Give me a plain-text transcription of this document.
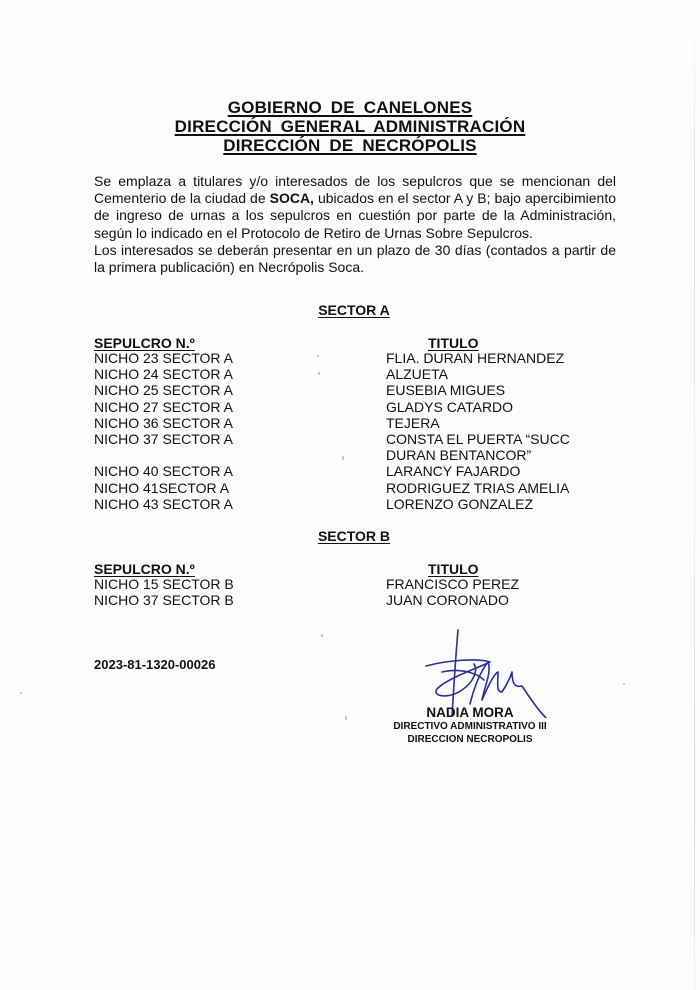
GOBIERNO DE CANELONES
DIRECCIÓN GENERAL ADMINISTRACIÓN
DIRECCIÓN DE NECRÓPOLIS

Se emplaza a titulares y/o interesados de los sepulcros que se mencionan del Cementerio de la ciudad de SOCA, ubicados en el sector A y B; bajo apercibimiento de ingreso de urnas a los sepulcros en cuestión por parte de la Administración, según lo indicado en el Protocolo de Retiro de Urnas Sobre Sepulcros.

Los interesados se deberán presentar en un plazo de 30 días (contados a partir de la primera publicación) en Necrópolis Soca.

SECTOR A
SEPULCRO N.º	TITULO
NICHO 23 SECTOR A
NICHO 24 SECTOR A
NICHO 25 SECTOR A
NICHO 27 SECTOR A
NICHO 36 SECTOR A
NICHO 37 SECTOR A

NICHO 40 SECTOR A
NICHO 41SECTOR A
NICHO 43 SECTOR A
FLIA. DURAN HERNANDEZ
ALZUETA
EUSEBIA MIGUES
GLADYS CATARDO
TEJERA
CONSTA EL PUERTA “SUCC
DURAN BENTANCOR”
LARANCY FAJARDO
RODRIGUEZ TRIAS AMELIA
LORENZO GONZALEZ
SECTOR B
SEPULCRO N.º	TITULO
NICHO 15 SECTOR B
NICHO 37 SECTOR B
FRANCISCO PEREZ
JUAN CORONADO
2023-81-1320-00026
NADIA MORA
DIRECTIVO ADMINISTRATIVO III
DIRECCION NECROPOLIS
